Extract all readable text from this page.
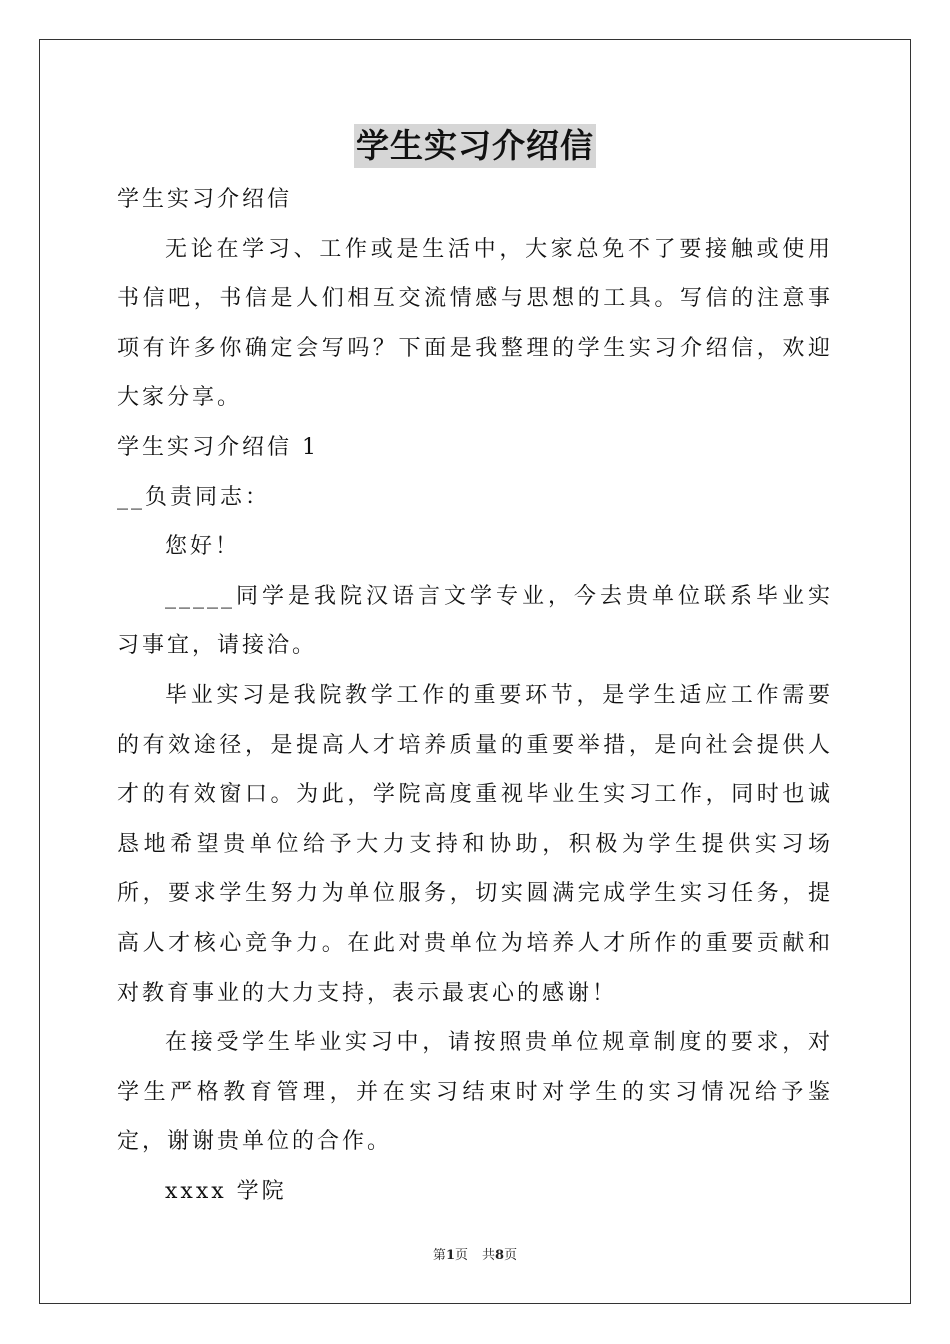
学生实习介绍信

学生实习介绍信

无论在学习、工作或是生活中，大家总免不了要接触或使用书信吧，书信是人们相互交流情感与思想的工具。写信的注意事项有许多你确定会写吗？下面是我整理的学生实习介绍信，欢迎大家分享。

学生实习介绍信 1

__负责同志：

您好！

_____同学是我院汉语言文学专业，今去贵单位联系毕业实习事宜，请接洽。

毕业实习是我院教学工作的重要环节，是学生适应工作需要的有效途径，是提高人才培养质量的重要举措，是向社会提供人才的有效窗口。为此，学院高度重视毕业生实习工作，同时也诚恳地希望贵单位给予大力支持和协助，积极为学生提供实习场所，要求学生努力为单位服务，切实圆满完成学生实习任务，提高人才核心竞争力。在此对贵单位为培养人才所作的重要贡献和对教育事业的大力支持，表示最衷心的感谢！

在接受学生毕业实习中，请按照贵单位规章制度的要求，对学生严格教育管理，并在实习结束时对学生的实习情况给予鉴定，谢谢贵单位的合作。

xxxx 学院

第1页 共8页
